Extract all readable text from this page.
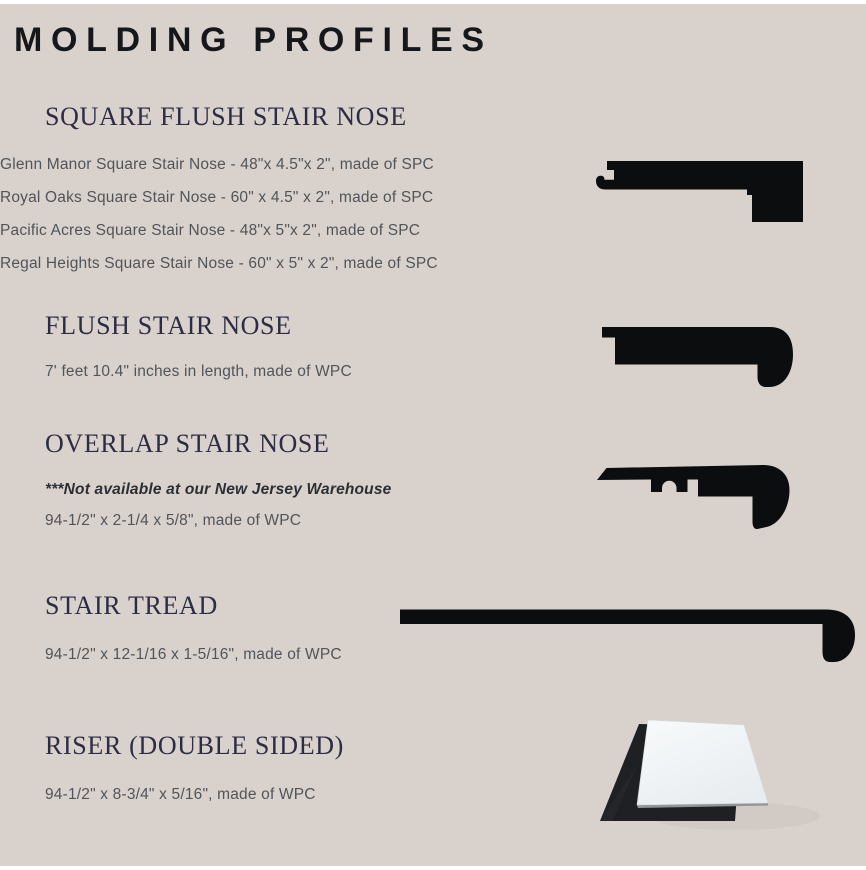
MOLDING PROFILES
SQUARE FLUSH STAIR NOSE
Glenn Manor Square Stair Nose - 48"x 4.5"x 2", made of SPC
Royal Oaks Square Stair Nose - 60" x 4.5" x 2", made of SPC
Pacific Acres Square Stair Nose - 48"x 5"x 2", made of SPC
Regal Heights Square Stair Nose - 60" x 5" x 2", made of SPC
FLUSH STAIR NOSE
7' feet 10.4" inches in length, made of WPC
OVERLAP STAIR NOSE
***Not available at our New Jersey Warehouse
94-1/2" x 2-1/4 x 5/8", made of WPC
STAIR TREAD
94-1/2" x 12-1/16 x 1-5/16", made of WPC
RISER (DOUBLE SIDED)
94-1/2" x 8-3/4" x 5/16", made of WPC
